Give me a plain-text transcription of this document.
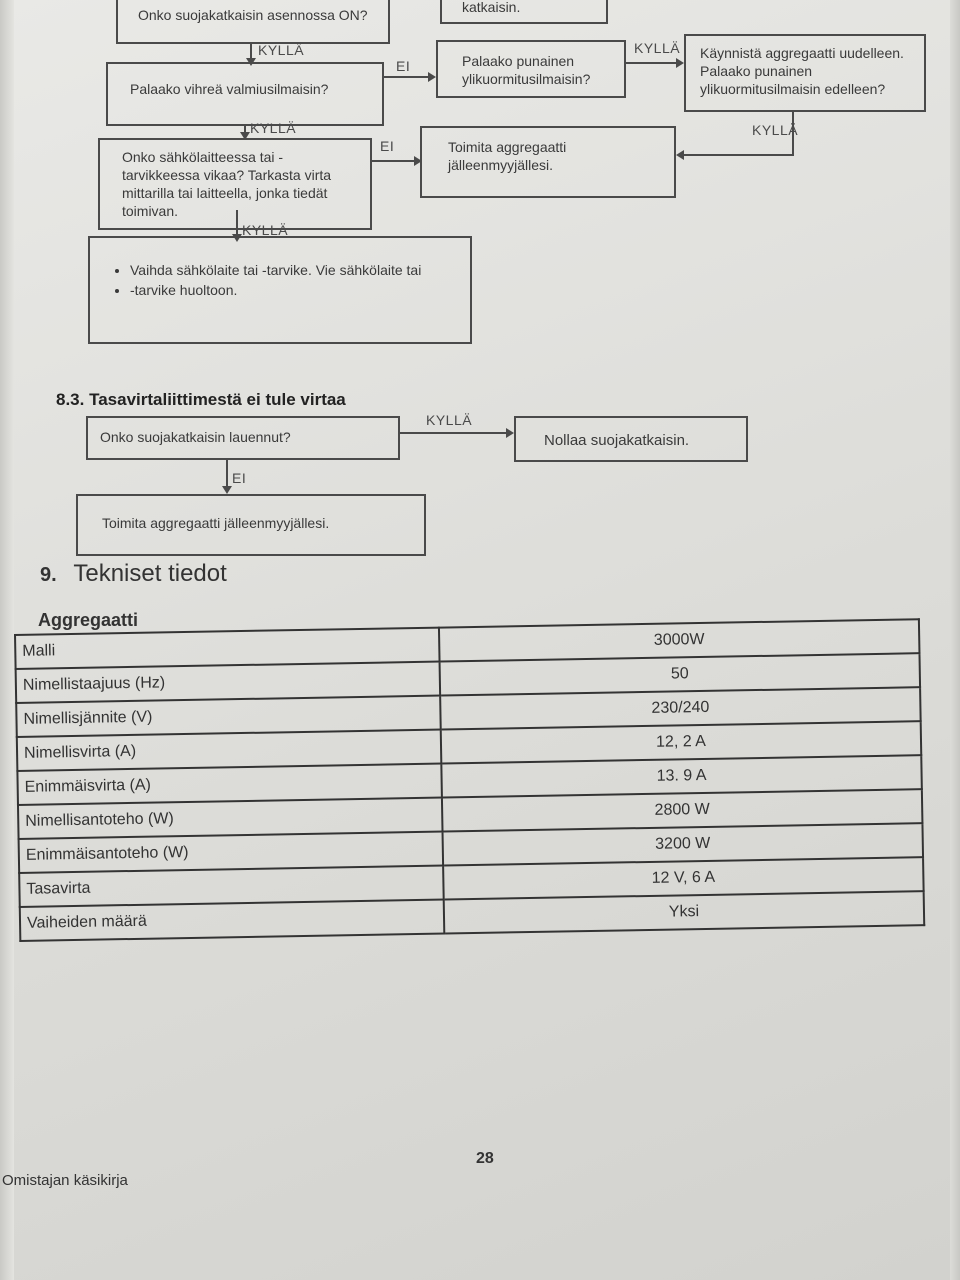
Onko suojakatkaisin asennossa ON?	katkaisin.
KYLLÄ
Palaako vihreä valmiusilmaisin?
EI	Palaako punainen ylikuormitusilmaisin?
KYLLÄ Käynnistä aggregaatti uudelleen. Palaako punainen ylikuormitusilmaisin edelleen?
KYLLÄ
KYLLÄ
Onko sähkölaitteessa tai -tarvikkeessa vikaa? Tarkasta virta mittarilla tai laitteella, jonka tiedät toimivan.
EI	Toimita aggregaatti jälleenmyyjällesi.
KYLLÄ
• Vaihda sähkölaite tai -tarvike. Vie sähkölaite tai
• -tarvike huoltoon.
8.3. Tasavirtaliittimestä ei tule virtaa
Onko suojakatkaisin lauennut?
KYLLÄ
Nollaa suojakatkaisin.
EI
Toimita aggregaatti jälleenmyyjällesi.
9. Tekniset tiedot
Aggregaatti
Malli	3000W
Nimellistaajuus (Hz)	50
Nimellisjännite (V)	230/240
Nimellisvirta (A)	12, 2 A
Enimmäisvirta (A)	13. 9 A
Nimellisantoteho (W)	2800 W
Enimmäisantoteho (W)	3200 W
Tasavirta	12 V, 6 A
Vaiheiden määrä	Yksi
28
Omistajan käsikirja
